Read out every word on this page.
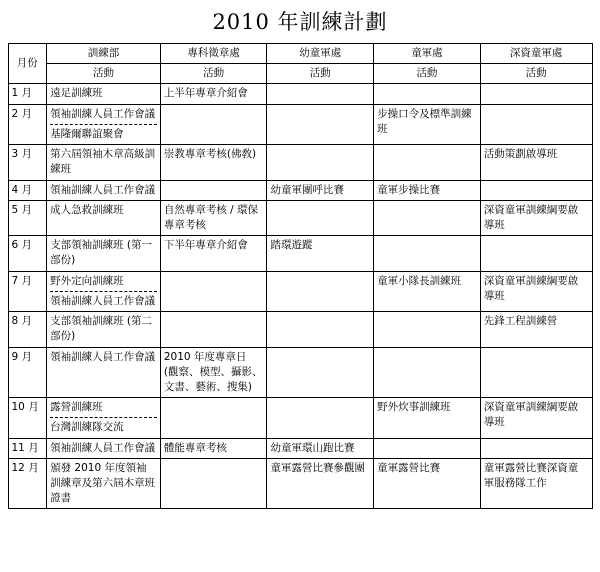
2010 年訓練計劃
月份	訓練部	專科徵章處	幼童軍處	童軍處	深資童軍處
	活動	活動	活動	活動	活動
1 月	遠足訓練班	上半年專章介紹會			

2 月	領袖訓練人員工作會議
基隆爾聯誼聚會			步操口令及標準訓練班	

3 月	第六屆領袖木章高級訓練班	崇教專章考核(佛敎)			活動策劃啟導班

4 月	領袖訓練人員工作會議		幼童軍團呼比賽	童軍步操比賽	

5 月	成人急救訓練班	自然專章考核 / 環保專章考核			深資童軍訓練綱要啟導班

6 月	支部領袖訓練班 (第一部份)	下半年專章介紹會	踏環遊蹤		

7 月	野外定向訓練班
領袖訓練人員工作會議			童軍小隊長訓練班	深資童軍訓練綱要啟導班

8 月	支部領袖訓練班 (第二部份)				先鋒工程訓練營

9 月	領袖訓練人員工作會議	2010 年度專章日 (觀察、模型、攝影、文書、藝術、搜集)			

10 月	露營訓練班
台灣訓練隊交流			野外炊事訓練班	深資童軍訓練綱要啟導班

11 月	領袖訓練人員工作會議	體能專章考核	幼童軍環山跑比賽		

12 月	頒發 2010 年度領袖訓練章及第六屆木章班證書		童軍露營比賽參觀團	童軍露營比賽	童軍露營比賽深資童軍服務隊工作
